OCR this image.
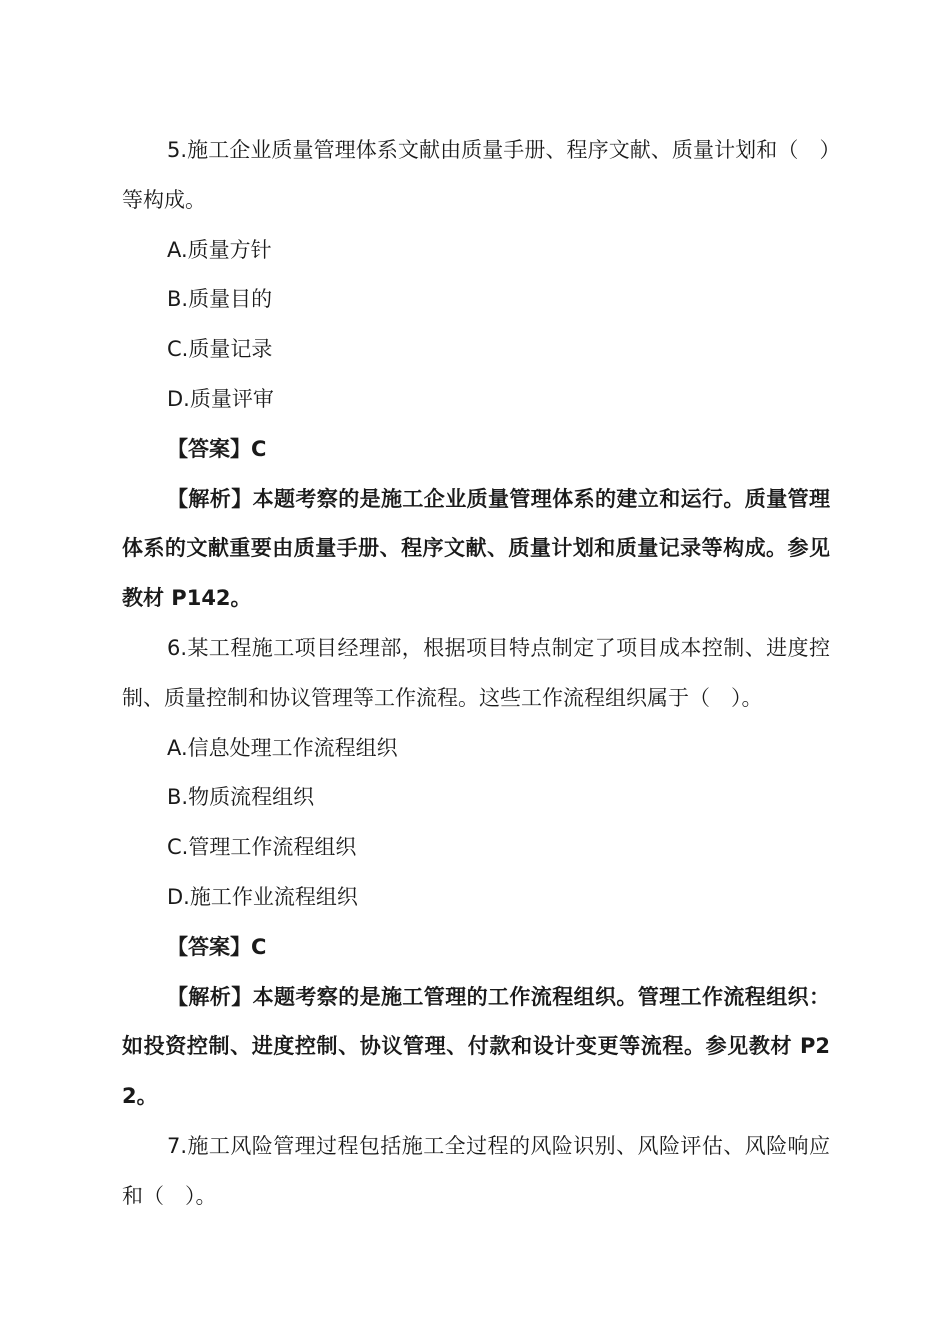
5.施工企业质量管理体系文献由质量手册、程序文献、质量计划和（　）等构成。

A.质量方针

B.质量目的

C.质量记录

D.质量评审

【答案】C

【解析】本题考察的是施工企业质量管理体系的建立和运行。质量管理体系的文献重要由质量手册、程序文献、质量计划和质量记录等构成。参见教材 P142。

6.某工程施工项目经理部，根据项目特点制定了项目成本控制、进度控制、质量控制和协议管理等工作流程。这些工作流程组织属于（　）。

A.信息处理工作流程组织

B.物质流程组织

C.管理工作流程组织

D.施工作业流程组织

【答案】C

【解析】本题考察的是施工管理的工作流程组织。管理工作流程组织：如投资控制、进度控制、协议管理、付款和设计变更等流程。参见教材 P22。

7.施工风险管理过程包括施工全过程的风险识别、风险评估、风险响应和（　）。
